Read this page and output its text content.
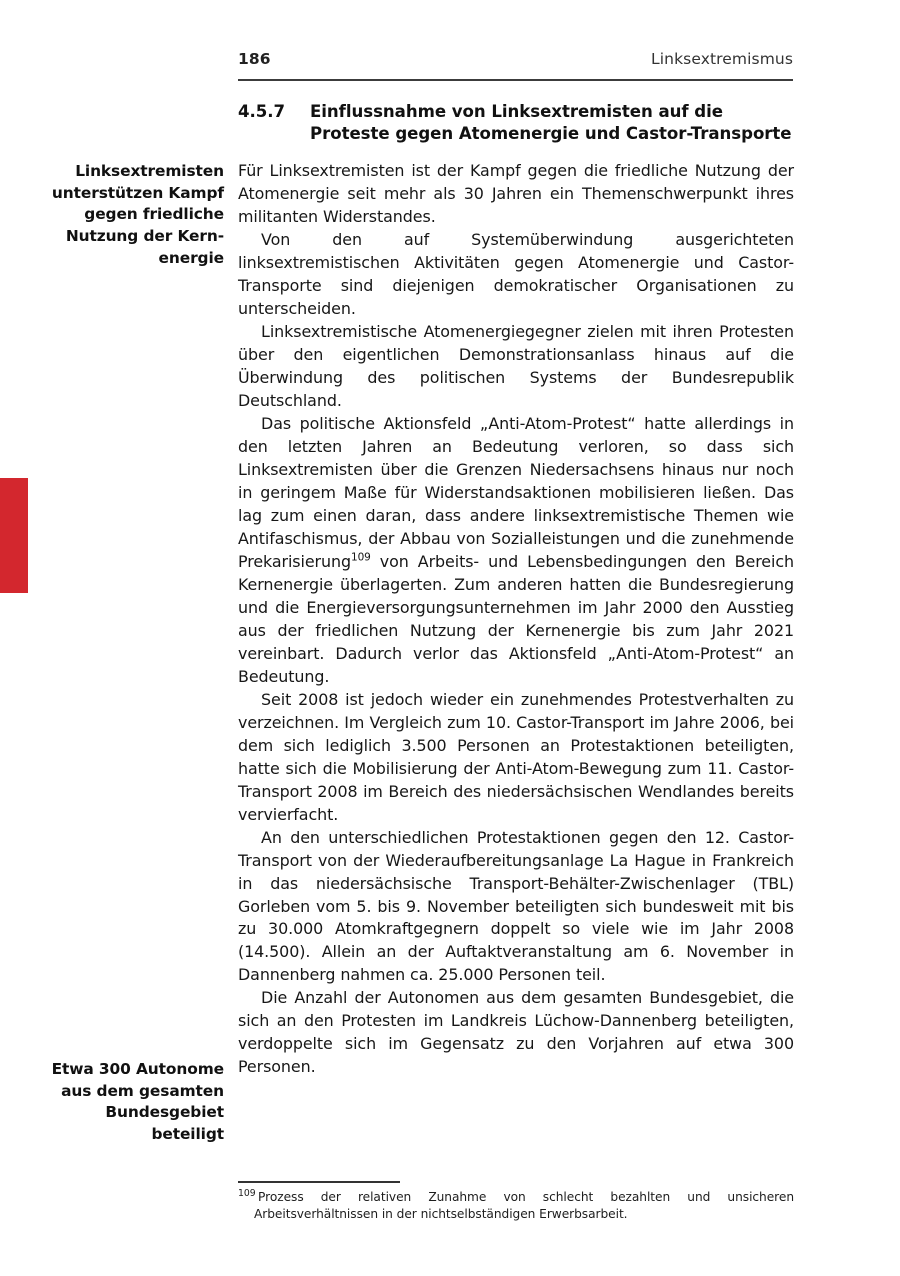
186	Linksextremismus
4.5.7	Einflussnahme von Linksextremisten auf die Proteste gegen Atomenergie und Castor-Transporte
Linksextremisten unterstützen Kampf gegen friedliche Nutzung der Kern-energie
Etwa 300 Autonome aus dem gesamten Bundesgebiet beteiligt

Für Linksextremisten ist der Kampf gegen die friedliche Nutzung der Atomenergie seit mehr als 30 Jahren ein Themenschwerpunkt ihres militanten Widerstandes.

Von den auf Systemüberwindung ausgerichteten linksextremistischen Aktivitäten gegen Atomenergie und Castor-Transporte sind diejenigen demokratischer Organisationen zu unterscheiden.

Linksextremistische Atomenergiegegner zielen mit ihren Protesten über den eigentlichen Demonstrationsanlass hinaus auf die Überwindung des politischen Systems der Bundesrepublik Deutschland.

Das politische Aktionsfeld „Anti-Atom-Protest“ hatte allerdings in den letzten Jahren an Bedeutung verloren, so dass sich Linksextremisten über die Grenzen Niedersachsens hinaus nur noch in geringem Maße für Widerstandsaktionen mobilisieren ließen. Das lag zum einen daran, dass andere linksextremistische Themen wie Antifaschismus, der Abbau von Sozialleistungen und die zunehmende Prekarisierung$^{109}$ von Arbeits- und Lebensbedingungen den Bereich Kernenergie überlagerten. Zum anderen hatten die Bundesregierung und die Energieversorgungsunternehmen im Jahr 2000 den Ausstieg aus der friedlichen Nutzung der Kernenergie bis zum Jahr 2021 vereinbart. Dadurch verlor das Aktionsfeld „Anti-Atom-Protest“ an Bedeutung.

Seit 2008 ist jedoch wieder ein zunehmendes Protestverhalten zu verzeichnen. Im Vergleich zum 10. Castor-Transport im Jahre 2006, bei dem sich lediglich 3.500 Personen an Protestaktionen beteiligten, hatte sich die Mobilisierung der Anti-Atom-Bewegung zum 11. Castor-Transport 2008 im Bereich des niedersächsischen Wendlandes bereits vervierfacht.

An den unterschiedlichen Protestaktionen gegen den 12. Castor-Transport von der Wiederaufbereitungsanlage La Hague in Frankreich in das niedersächsische Transport-Behälter-Zwischenlager (TBL) Gorleben vom 5. bis 9. November beteiligten sich bundesweit mit bis zu 30.000 Atomkraftgegnern doppelt so viele wie im Jahr 2008 (14.500). Allein an der Auftaktveranstaltung am 6. November in Dannenberg nahmen ca. 25.000 Personen teil.

Die Anzahl der Autonomen aus dem gesamten Bundesgebiet, die sich an den Protesten im Landkreis Lüchow-Dannenberg beteiligten, verdoppelte sich im Gegensatz zu den Vorjahren auf etwa 300 Personen.

$^{109}$ Prozess der relativen Zunahme von schlecht bezahlten und unsicheren Arbeitsverhältnissen in der nichtselbständigen Erwerbsarbeit.
